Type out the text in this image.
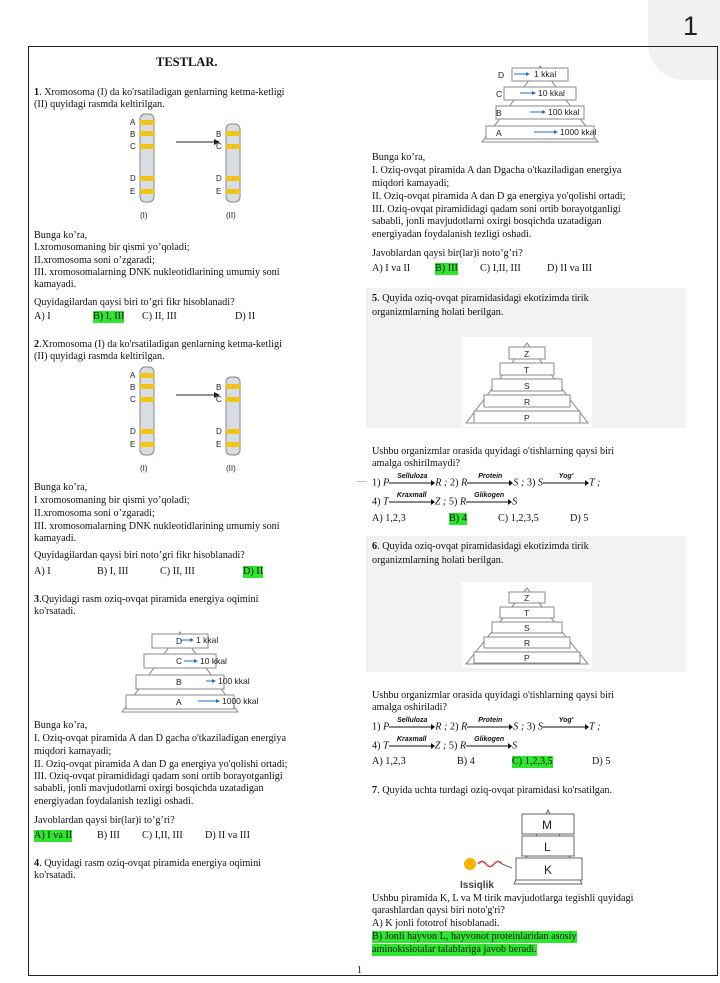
1
TESTLAR.
1. Xromosoma (I) da ko'rsatiladigan genlarning ketma-ketligi
(II) quyidagi rasmda keltirilgan.
A
B
C
D
E
B
C
D
E
(I)	(II)
Bunga ko’ra,
I.xromosomaning bir qismi yo’qoladi;
II.xromosoma soni o’zgaradi;
III. xromosomalarning DNK nukleotidlarining umumiy soni
kamayadi.
Quyidagilardan qaysi biri to’gri fikr hisoblanadi?
A) I	B) I, III C) II, III	D) II
2.Xromosoma (I) da ko'rsatiladigan genlarning ketma-ketligi
(II) quyidagi rasmda keltirilgan.
A
B
C
D
E
B
C
D
E
(I)	(II)
Bunga ko’ra,
I xromosomaning bir qismi yo’qoladi;
II.xromosoma soni o’zgaradi;
III. xromosomalarning DNK nukleotidlarining umumiy soni
kamayadi.
Quyidagilardan qaysi biri noto’gri fikr hisoblanadi?
A) I	B) I, III	C) II, III	D) II
3.Quyidagi rasm oziq-ovqat piramida energiya oqimini
ko'rsatadi.
D
C
B
A
1 kkal
10 kkal
100 kkal
1000 kkal
Bunga ko’ra,
I. Oziq-ovqat piramida A dan D gacha o'tkaziladigan energiya
miqdori kamayadi;
II. Oziq-ovqat piramida A dan D ga energiya yo'qolishi ortadi;
III. Oziq-ovqat piramididagi qadam soni ortib borayotganligi
sababli, jonli mavjudotlarni oxirgi bosqichda uzatadigan
energiyadan foydalanish tezligi oshadi.
Javoblardan qaysi bir(lar)i to’g’ri?
A) I va II B) III C) I,II, III D) II va III
4. Quyidagi rasm oziq-ovqat piramida energiya oqimini
ko'rsatadi.
D
C
B
A
1 kkal
10 kkal
100 kkal
1000 kkal
Bunga ko’ra,
I. Oziq-ovqat piramida A dan Dgacha o'tkaziladigan energiya
miqdori kamayadi;
II. Oziq-ovqat piramida A dan D ga energiya yo'qolishi ortadi;
III. Oziq-ovqat piramididagi qadam soni ortib borayotganligi
sababli, jonli mavjudotlarni oxirgi bosqichda uzatadigan
energiyadan foydalanish tezligi oshadi.
Javoblardan qaysi bir(lar)i noto’g’ri?
A) I va II B) III C) I,II, III	D) II va III
5. Quyida oziq-ovqat piramidasidagi ekotizimda tirik
organizmlarning holati berilgan.
Z
T
S
R
P
Ushbu organizmlar orasida quyidagi o'tishlarning qaysi biri
amalga oshirilmaydi?
1) P
Selluloza
R ; 2) R
Protein
S ; 3) S
Yog'
T ;
4) T
Kraxmall
Z ; 5) R
Glikogen
S
A) 1,2,3	B) 4	C) 1,2,3,5	D) 5
6. Quyida oziq-ovqat piramidasidagi ekotizimda tirik
organizmlarning holati berilgan.
Z
T
S
R
P
Ushbu organizmlar orasida quyidagi o'tishlarning qaysi biri
amalga oshiriladi?
1) P
Selluloza
R ; 2) R
Protein
S ; 3) S
Yog'
T ;
4) T
Kraxmall
Z ; 5) R
Glikogen
S
A) 1,2,3	B) 4	C) 1,2,3,5	D) 5
7. Quyida uchta turdagi oziq-ovqat piramidasi ko'rsatilgan.
M
L
K
Issiqlik
Ushbu piramida K, L va M tirik mavjudotlarga tegishli quyidagi
qarashlardan qaysi biri noto'g'ri?
A) K jonli fototrof hisoblanadi.
B) Jonli hayvon L, hayvonot proteinlaridan asosiy
aminokislotalar talablariga javob beradi.
1
